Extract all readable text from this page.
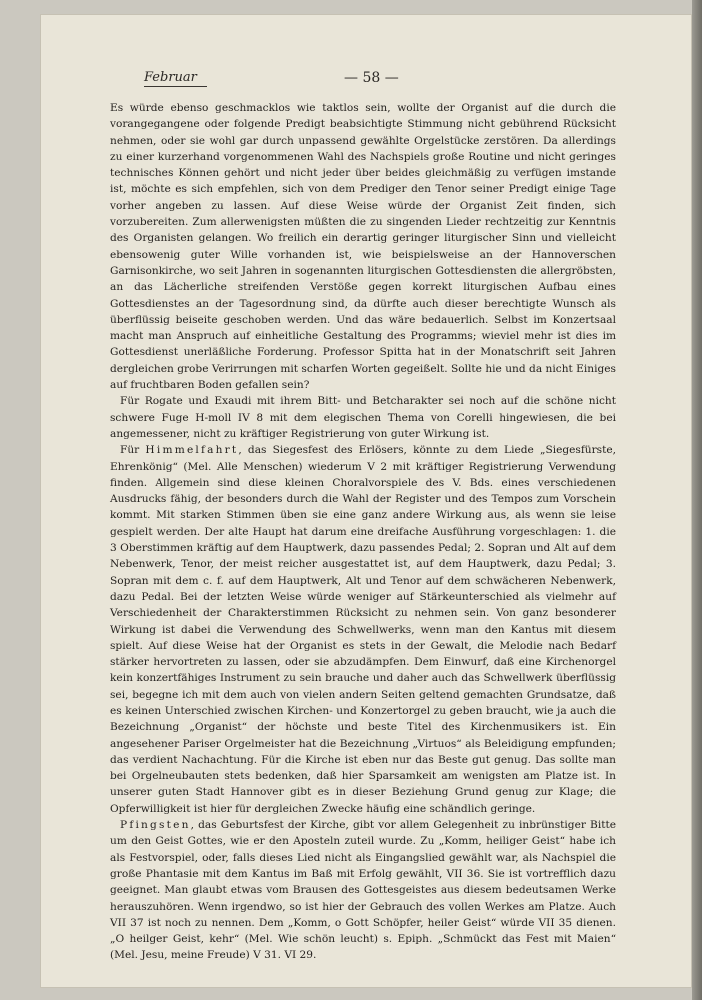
Februar	— 58 —

Es würde ebenso geschmacklos wie taktlos sein, wollte der Organist auf die durch die vorangegangene oder folgende Predigt beabsichtigte Stimmung nicht gebührend Rücksicht nehmen, oder sie wohl gar durch unpassend gewählte Orgelstücke zerstören. Da allerdings zu einer kurzerhand vorgenommenen Wahl des Nachspiels große Routine und nicht geringes technisches Können gehört und nicht jeder über beides gleichmäßig zu verfügen imstande ist, möchte es sich empfehlen, sich von dem Prediger den Tenor seiner Predigt einige Tage vorher angeben zu lassen. Auf diese Weise würde der Organist Zeit finden, sich vorzubereiten. Zum allerwenigsten müßten die zu singenden Lieder rechtzeitig zur Kenntnis des Organisten gelangen. Wo freilich ein derartig geringer liturgischer Sinn und vielleicht ebensowenig guter Wille vorhanden ist, wie beispielsweise an der Hannoverschen Garnisonkirche, wo seit Jahren in sogenannten liturgischen Gottesdiensten die allergröbsten, an das Lächerliche streifenden Verstöße gegen korrekt liturgischen Aufbau eines Gottesdienstes an der Tagesordnung sind, da dürfte auch dieser berechtigte Wunsch als überflüssig beiseite geschoben werden. Und das wäre bedauerlich. Selbst im Konzertsaal macht man Anspruch auf einheitliche Gestaltung des Programms; wieviel mehr ist dies im Gottesdienst unerläßliche Forderung. Professor Spitta hat in der Monatschrift seit Jahren dergleichen grobe Verirrungen mit scharfen Worten gegeißelt. Sollte hie und da nicht Einiges auf fruchtbaren Boden gefallen sein?

Für Rogate und Exaudi mit ihrem Bitt- und Betcharakter sei noch auf die schöne nicht schwere Fuge H-moll IV 8 mit dem elegischen Thema von Corelli hingewiesen, die bei angemessener, nicht zu kräftiger Registrierung von guter Wirkung ist.

Für Himmelfahrt, das Siegesfest des Erlösers, könnte zu dem Liede „Siegesfürste, Ehrenkönig“ (Mel. Alle Menschen) wiederum V 2 mit kräftiger Registrierung Verwendung finden. Allgemein sind diese kleinen Choralvorspiele des V. Bds. eines verschiedenen Ausdrucks fähig, der besonders durch die Wahl der Register und des Tempos zum Vorschein kommt. Mit starken Stimmen üben sie eine ganz andere Wirkung aus, als wenn sie leise gespielt werden. Der alte Haupt hat darum eine dreifache Ausführung vorgeschlagen: 1. die 3 Oberstimmen kräftig auf dem Hauptwerk, dazu passendes Pedal; 2. Sopran und Alt auf dem Nebenwerk, Tenor, der meist reicher ausgestattet ist, auf dem Hauptwerk, dazu Pedal; 3. Sopran mit dem c. f. auf dem Hauptwerk, Alt und Tenor auf dem schwächeren Nebenwerk, dazu Pedal. Bei der letzten Weise würde weniger auf Stärkeunterschied als vielmehr auf Verschiedenheit der Charakterstimmen Rücksicht zu nehmen sein. Von ganz besonderer Wirkung ist dabei die Verwendung des Schwellwerks, wenn man den Kantus mit diesem spielt. Auf diese Weise hat der Organist es stets in der Gewalt, die Melodie nach Bedarf stärker hervortreten zu lassen, oder sie abzudämpfen. Dem Einwurf, daß eine Kirchenorgel kein konzertfähiges Instrument zu sein brauche und daher auch das Schwellwerk überflüssig sei, begegne ich mit dem auch von vielen andern Seiten geltend gemachten Grundsatze, daß es keinen Unterschied zwischen Kirchen- und Konzertorgel zu geben braucht, wie ja auch die Bezeichnung „Organist“ der höchste und beste Titel des Kirchenmusikers ist. Ein angesehener Pariser Orgelmeister hat die Bezeichnung „Virtuos“ als Beleidigung empfunden; das verdient Nachachtung. Für die Kirche ist eben nur das Beste gut genug. Das sollte man bei Orgelneubauten stets bedenken, daß hier Sparsamkeit am wenigsten am Platze ist. In unserer guten Stadt Hannover gibt es in dieser Beziehung Grund genug zur Klage; die Opferwilligkeit ist hier für dergleichen Zwecke häufig eine schändlich geringe.

Pfingsten, das Geburtsfest der Kirche, gibt vor allem Gelegenheit zu inbrünstiger Bitte um den Geist Gottes, wie er den Aposteln zuteil wurde. Zu „Komm, heiliger Geist“ habe ich als Festvorspiel, oder, falls dieses Lied nicht als Eingangslied gewählt war, als Nachspiel die große Phantasie mit dem Kantus im Baß mit Erfolg gewählt, VII 36. Sie ist vortrefflich dazu geeignet. Man glaubt etwas vom Brausen des Gottesgeistes aus diesem bedeutsamen Werke herauszuhören. Wenn irgendwo, so ist hier der Gebrauch des vollen Werkes am Platze. Auch VII 37 ist noch zu nennen. Dem „Komm, o Gott Schöpfer, heiler Geist“ würde VII 35 dienen. „O heilger Geist, kehr“ (Mel. Wie schön leucht) s. Epiph. „Schmückt das Fest mit Maien“ (Mel. Jesu, meine Freude) V 31. VI 29.
